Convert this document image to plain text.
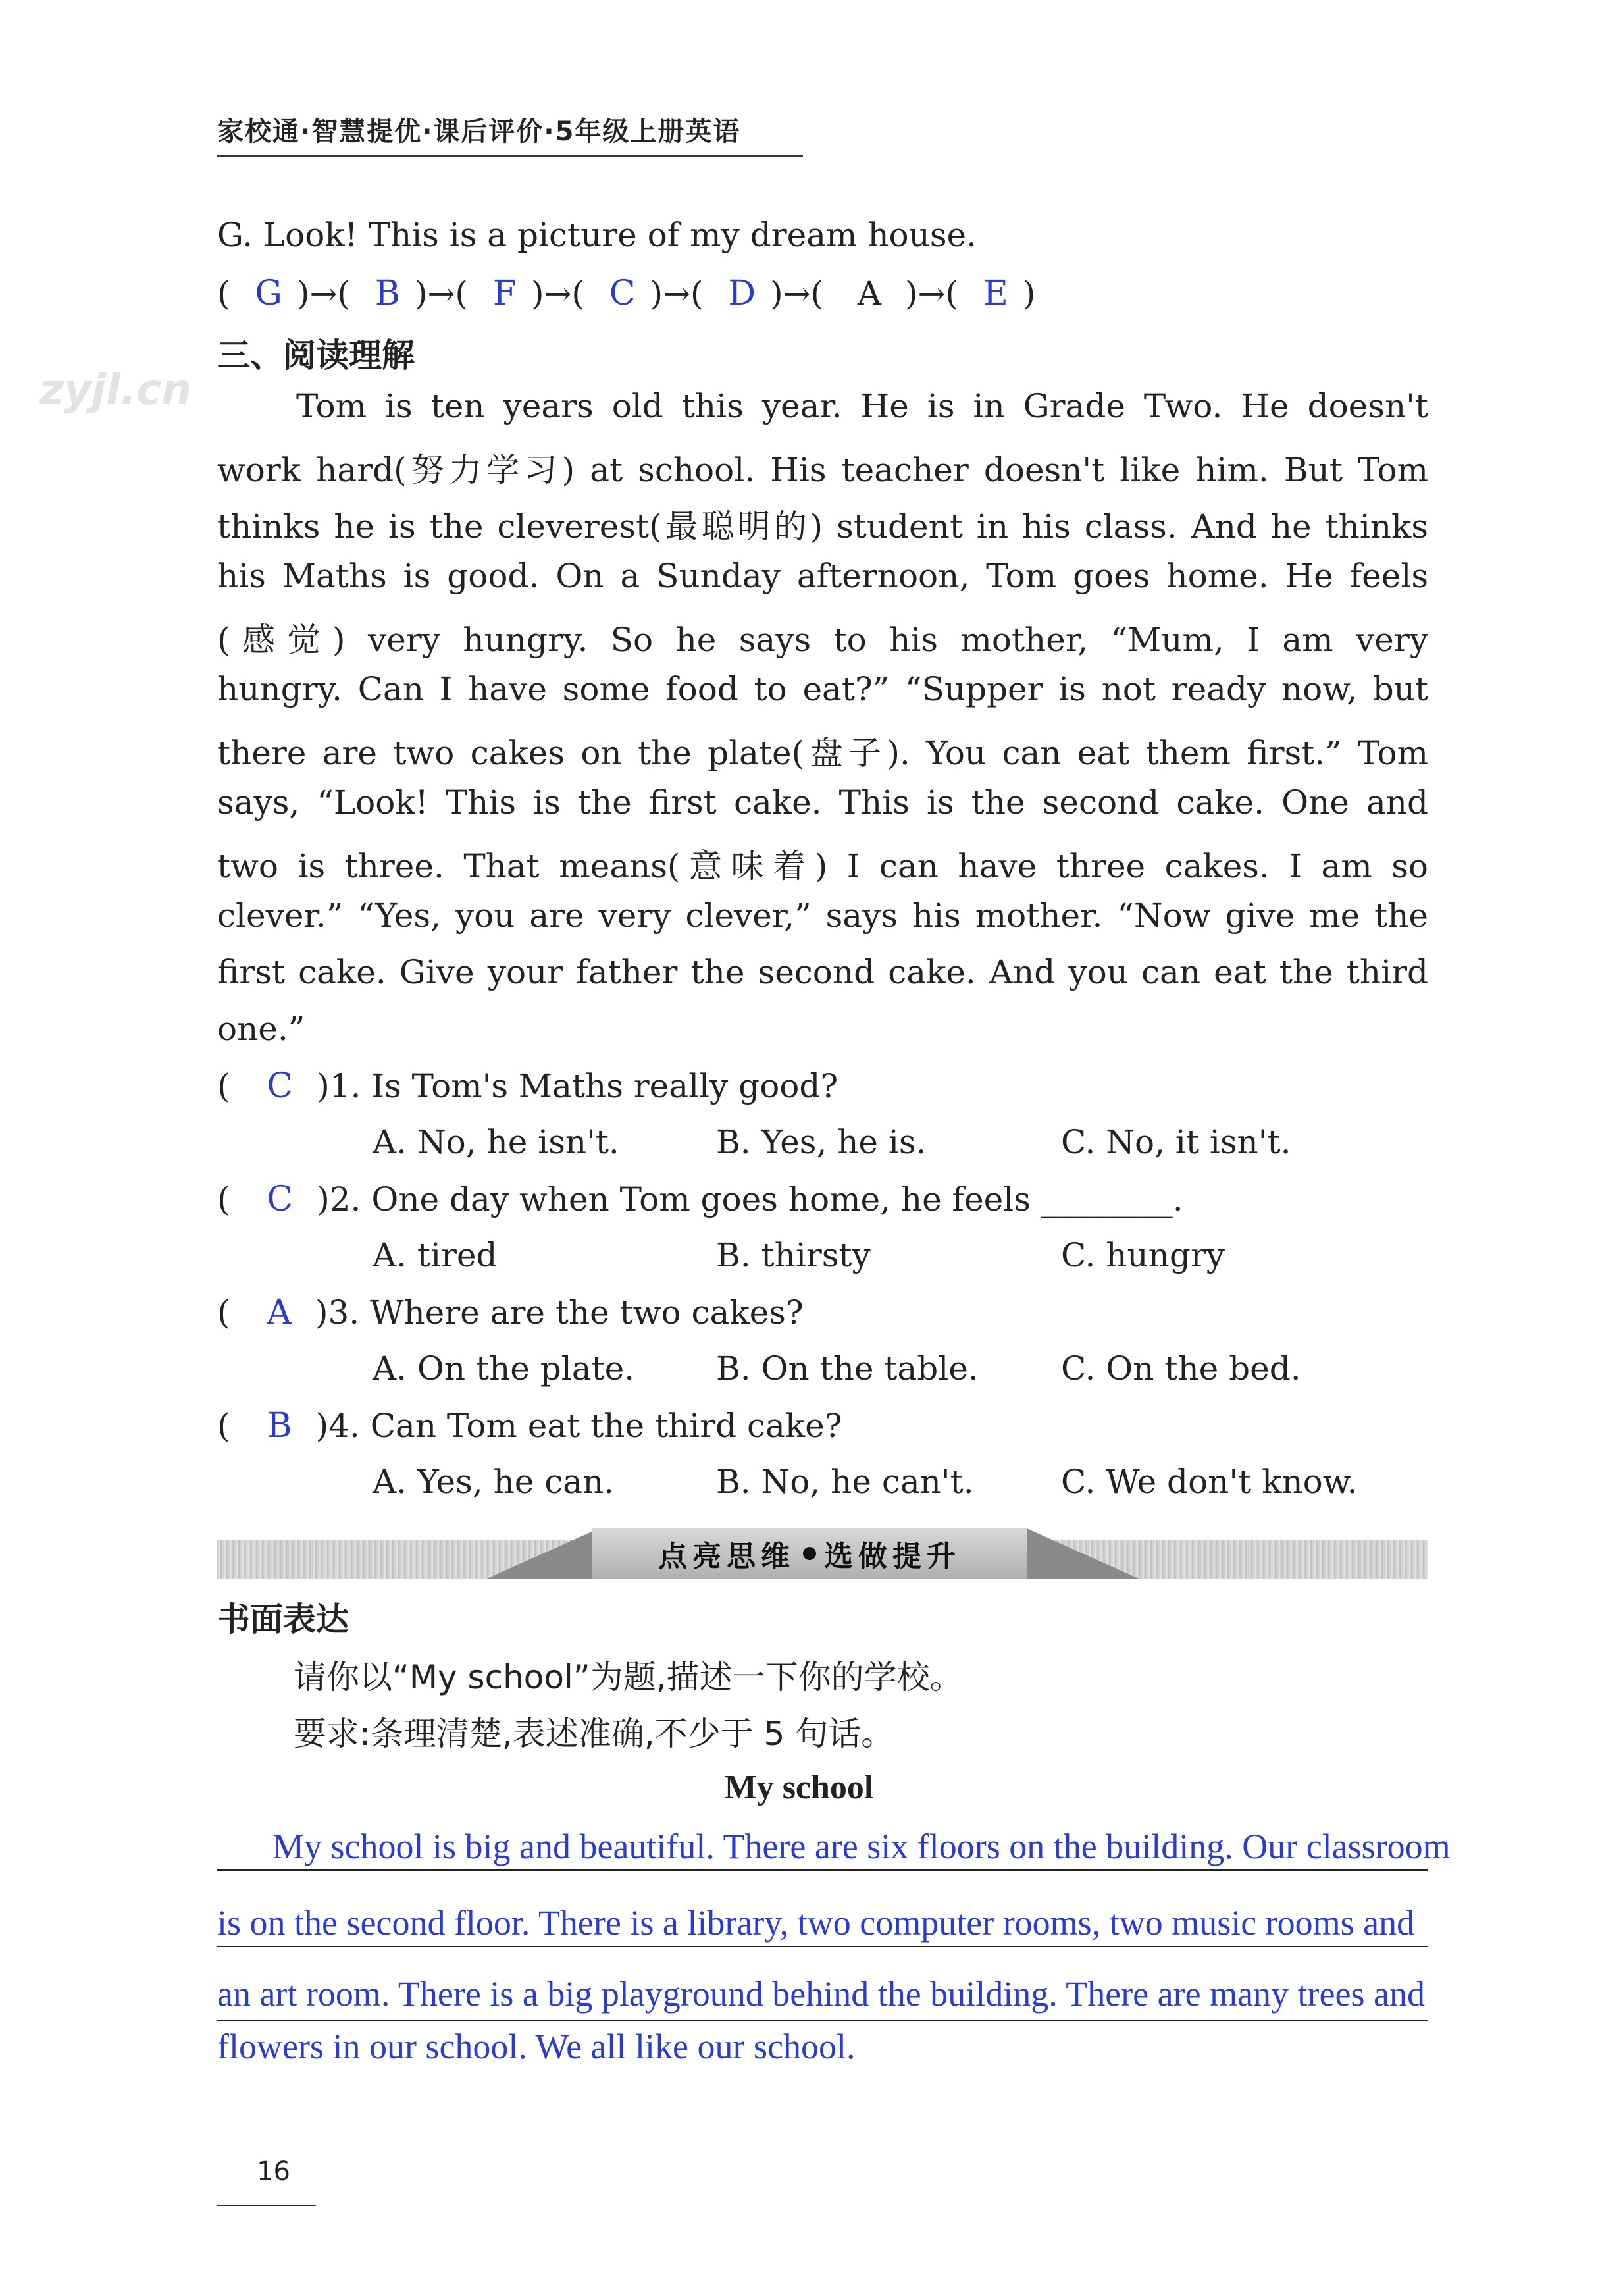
家校通·智慧提优·课后评价·5年级上册英语
zyjl.cn
G. Look! This is a picture of my dream house.
( G )→( B )→( F )→( C )→( D )→( A )→( E )
三、阅读理解
Tom is ten years old this year. He is in Grade Two. He doesn't
work hard(努力学习) at school. His teacher doesn't like him. But Tom
thinks he is the cleverest(最聪明的) student in his class. And he thinks
his Maths is good. On a Sunday afternoon, Tom goes home. He feels
(感觉) very hungry. So he says to his mother, “Mum, I am very
hungry. Can I have some food to eat?” “Supper is not ready now, but
there are two cakes on the plate(盘子). You can eat them first.” Tom
says, “Look! This is the first cake. This is the second cake. One and
two is three. That means(意味着) I can have three cakes. I am so
clever.” “Yes, you are very clever,” says his mother. “Now give me the
first cake. Give your father the second cake. And you can eat the third
one.”
( C )1. Is Tom's Maths really good?
A. No, he isn't.	B. Yes, he is.	C. No, it isn't.
( C )2. One day when Tom goes home, he feels ________.
A. tired	B. thirsty	C. hungry
( A )3. Where are the two cakes?
A. On the plate. B. On the table.	C. On the bed.
( B )4. Can Tom eat the third cake?
A. Yes, he can.	B. No, he can't.	C. We don't know.
点亮思维 选做提升
书面表达
请你以“My school”为题,描述一下你的学校。
要求:条理清楚,表述准确,不少于 5 句话。
My school
My school is big and beautiful. There are six floors on the building. Our classroom
is on the second floor. There is a library, two computer rooms, two music rooms and
an art room. There is a big playground behind the building. There are many trees and
flowers in our school. We all like our school.
16
